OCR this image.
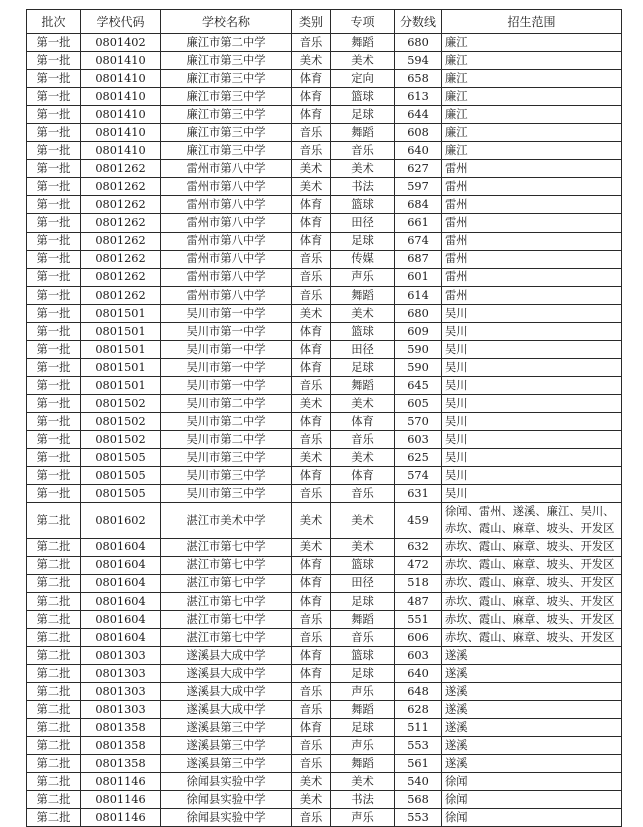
批次	学校代码	学校名称	类别	专项	分数线	招生范围
第一批	0801402	廉江市第二中学	音乐	舞蹈	680	廉江
第一批	0801410	廉江市第三中学	美术	美术	594	廉江
第一批	0801410	廉江市第三中学	体育	定向	658	廉江
第一批	0801410	廉江市第三中学	体育	篮球	613	廉江
第一批	0801410	廉江市第三中学	体育	足球	644	廉江
第一批	0801410	廉江市第三中学	音乐	舞蹈	608	廉江
第一批	0801410	廉江市第三中学	音乐	音乐	640	廉江
第一批	0801262	雷州市第八中学	美术	美术	627	雷州
第一批	0801262	雷州市第八中学	美术	书法	597	雷州
第一批	0801262	雷州市第八中学	体育	篮球	684	雷州
第一批	0801262	雷州市第八中学	体育	田径	661	雷州
第一批	0801262	雷州市第八中学	体育	足球	674	雷州
第一批	0801262	雷州市第八中学	音乐	传媒	687	雷州
第一批	0801262	雷州市第八中学	音乐	声乐	601	雷州
第一批	0801262	雷州市第八中学	音乐	舞蹈	614	雷州
第一批	0801501	吴川市第一中学	美术	美术	680	吴川
第一批	0801501	吴川市第一中学	体育	篮球	609	吴川
第一批	0801501	吴川市第一中学	体育	田径	590	吴川
第一批	0801501	吴川市第一中学	体育	足球	590	吴川
第一批	0801501	吴川市第一中学	音乐	舞蹈	645	吴川
第一批	0801502	吴川市第二中学	美术	美术	605	吴川
第一批	0801502	吴川市第二中学	体育	体育	570	吴川
第一批	0801502	吴川市第二中学	音乐	音乐	603	吴川
第一批	0801505	吴川市第三中学	美术	美术	625	吴川
第一批	0801505	吴川市第三中学	体育	体育	574	吴川
第一批	0801505	吴川市第三中学	音乐	音乐	631	吴川
第二批	0801602	湛江市美术中学	美术	美术	459	徐闻、雷州、遂溪、廉江、吴川、赤坎、霞山、麻章、坡头、开发区
第二批	0801604	湛江市第七中学	美术	美术	632	赤坎、霞山、麻章、坡头、开发区
第二批	0801604	湛江市第七中学	体育	篮球	472	赤坎、霞山、麻章、坡头、开发区
第二批	0801604	湛江市第七中学	体育	田径	518	赤坎、霞山、麻章、坡头、开发区
第二批	0801604	湛江市第七中学	体育	足球	487	赤坎、霞山、麻章、坡头、开发区
第二批	0801604	湛江市第七中学	音乐	舞蹈	551	赤坎、霞山、麻章、坡头、开发区
第二批	0801604	湛江市第七中学	音乐	音乐	606	赤坎、霞山、麻章、坡头、开发区
第二批	0801303	遂溪县大成中学	体育	篮球	603	遂溪
第二批	0801303	遂溪县大成中学	体育	足球	640	遂溪
第二批	0801303	遂溪县大成中学	音乐	声乐	648	遂溪
第二批	0801303	遂溪县大成中学	音乐	舞蹈	628	遂溪
第二批	0801358	遂溪县第三中学	体育	足球	511	遂溪
第二批	0801358	遂溪县第三中学	音乐	声乐	553	遂溪
第二批	0801358	遂溪县第三中学	音乐	舞蹈	561	遂溪
第二批	0801146	徐闻县实验中学	美术	美术	540	徐闻
第二批	0801146	徐闻县实验中学	美术	书法	568	徐闻
第二批	0801146	徐闻县实验中学	音乐	声乐	553	徐闻
